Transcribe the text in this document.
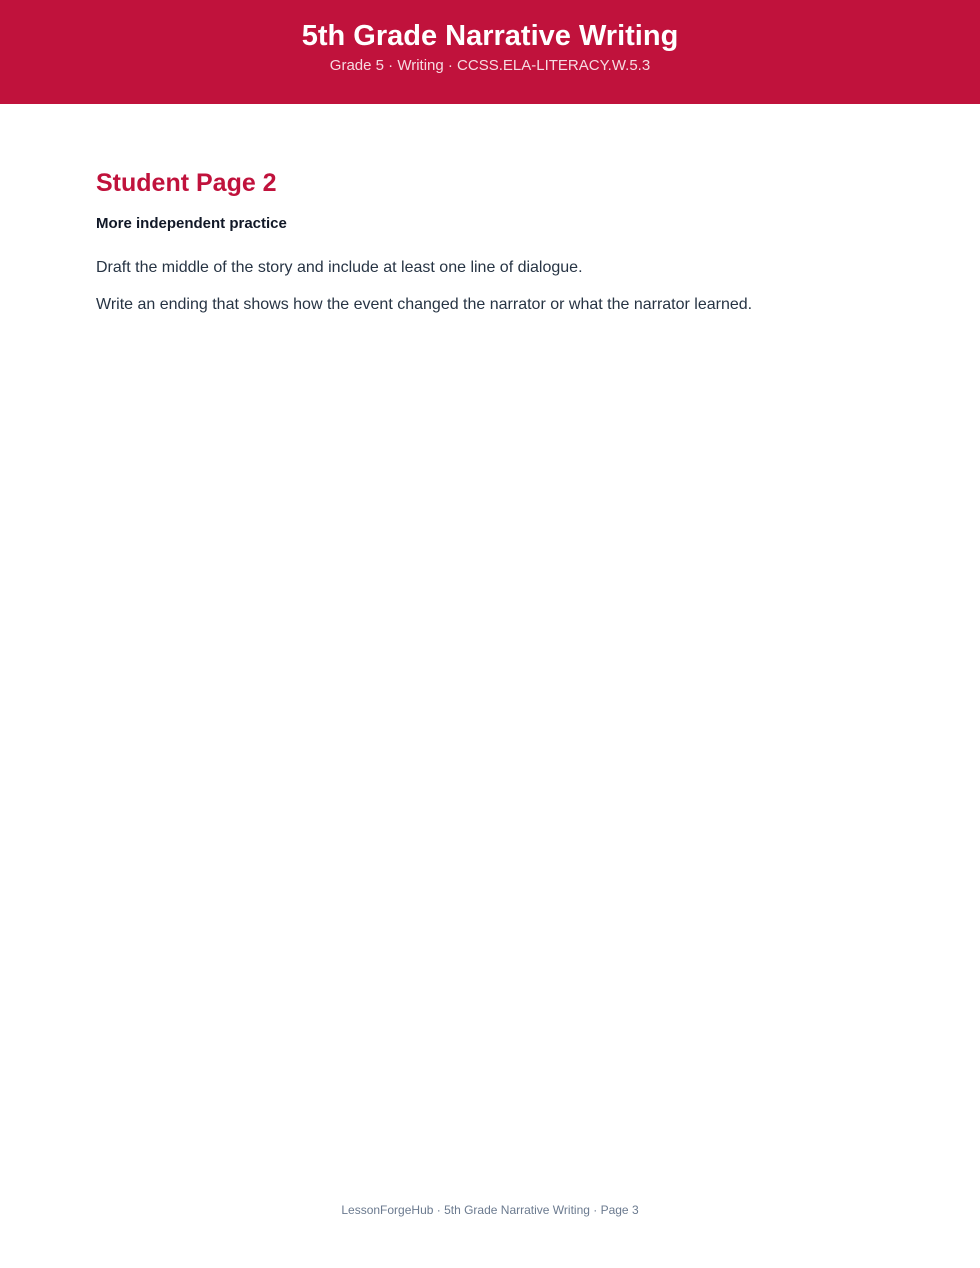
5th Grade Narrative Writing
Grade 5 · Writing · CCSS.ELA-LITERACY.W.5.3
Student Page 2
More independent practice

Draft the middle of the story and include at least one line of dialogue.

Write an ending that shows how the event changed the narrator or what the narrator learned.

LessonForgeHub · 5th Grade Narrative Writing · Page 3
